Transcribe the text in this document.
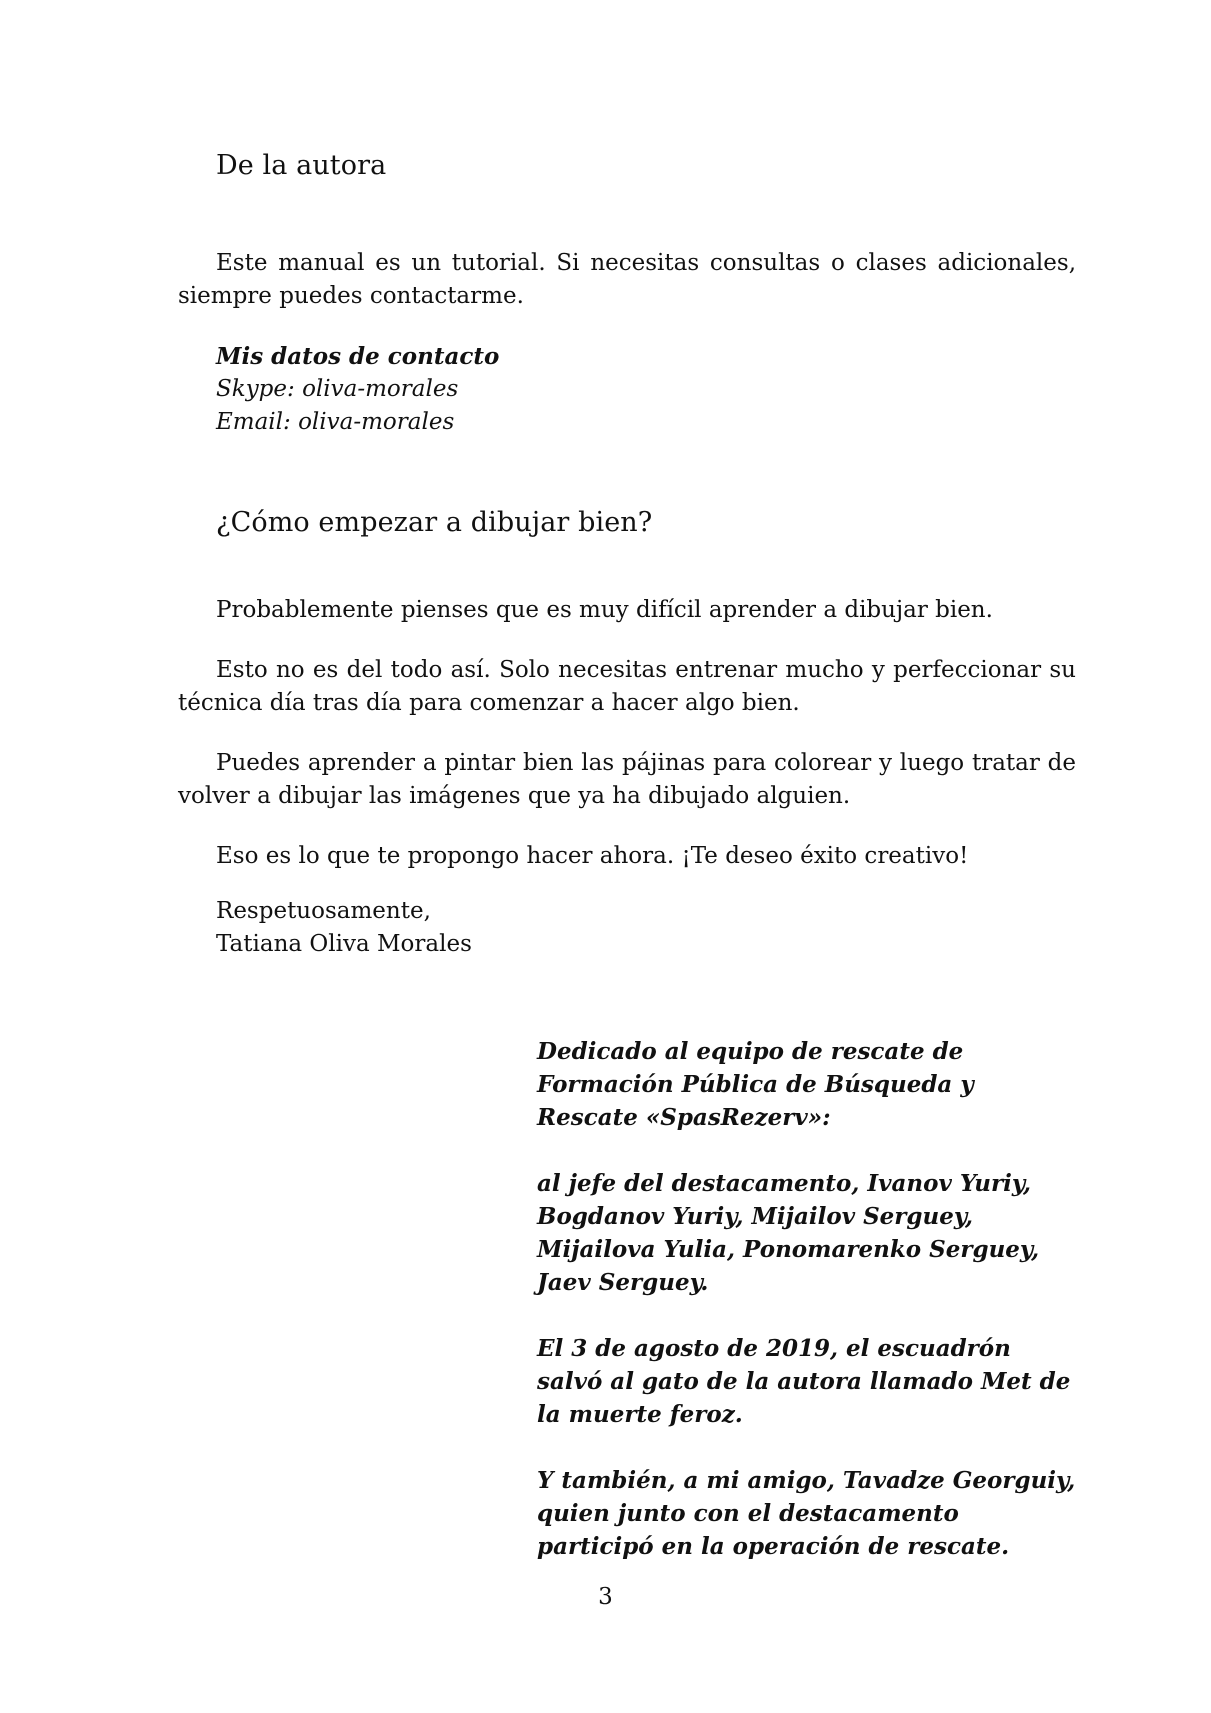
De la autora

Este manual es un tutorial. Si necesitas consultas o clases adicionales, siempre puedes contactarme.

Mis datos de contacto
Skype: oliva-morales
Email: oliva-morales
¿Cómo empezar a dibujar bien?

Probablemente pienses que es muy difícil aprender a dibujar bien.

Esto no es del todo así. Solo necesitas entrenar mucho y perfeccionar su técnica día tras día para comenzar a hacer algo bien.

Puedes aprender a pintar bien las pájinas para colorear y luego tratar de volver a dibujar las imágenes que ya ha dibujado alguien.

Eso es lo que te propongo hacer ahora. ¡Te deseo éxito creativo!

Respetuosamente,
Tatiana Oliva Morales

Dedicado al equipo de rescate de Formación Pública de Búsqueda y Rescate «SpasRezerv»:

al jefe del destacamento, Ivanov Yuriy, Bogdanov Yuriy, Mijailov Serguey, Mijailova Yulia, Ponomarenko Serguey, Jaev Serguey.

El 3 de agosto de 2019, el escuadrón salvó al gato de la autora llamado Met de la muerte feroz.

Y también, a mi amigo, Tavadze Georguiy, quien junto con el destacamento participó en la operación de rescate.

3
